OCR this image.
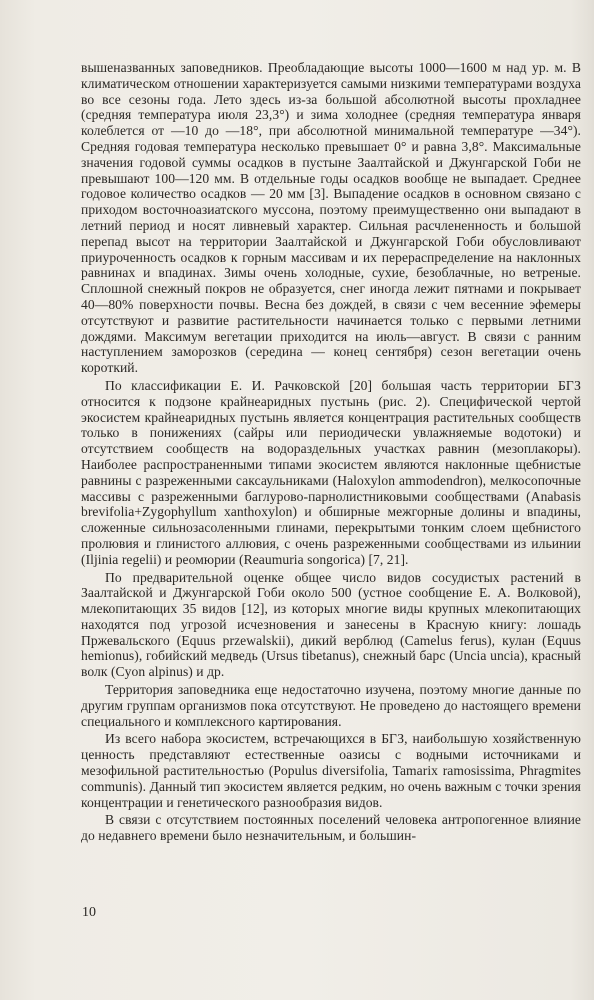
вышеназванных заповедников. Преобладающие высоты 1000—1600 м над ур. м. В климатическом отношении характеризуется самыми низкими температурами воздуха во все сезоны года. Лето здесь из-за большой абсолютной высоты прохладнее (средняя температура июля 23,3°) и зима холоднее (средняя температура января колеблется от —10 до —18°, при абсолютной минимальной температуре —34°). Средняя годовая температура несколько превышает 0° и равна 3,8°. Максимальные значения годовой суммы осадков в пустыне Заалтайской и Джунгарской Гоби не превышают 100—120 мм. В отдельные годы осадков вообще не выпадает. Среднее годовое количество осадков — 20 мм [3]. Выпадение осадков в основном связано с приходом восточноазиатского муссона, поэтому преимущественно они выпадают в летний период и носят ливневый характер. Сильная расчлененность и большой перепад высот на территории Заалтайской и Джунгарской Гоби обусловливают приуроченность осадков к горным массивам и их перераспределение на наклонных равнинах и впадинах. Зимы очень холодные, сухие, безоблачные, но ветреные. Сплошной снежный покров не образуется, снег иногда лежит пятнами и покрывает 40—80% поверхности почвы. Весна без дождей, в связи с чем весенние эфемеры отсутствуют и развитие растительности начинается только с первыми летними дождями. Максимум вегетации приходится на июль—август. В связи с ранним наступлением заморозков (середина — конец сентября) сезон вегетации очень короткий.

По классификации Е. И. Рачковской [20] большая часть территории БГЗ относится к подзоне крайнеаридных пустынь (рис. 2). Специфической чертой экосистем крайнеаридных пустынь является концентрация растительных сообществ только в понижениях (сайры или периодически увлажняемые водотоки) и отсутствием сообществ на водораздельных участках равнин (мезоплакоры). Наиболее распространенными типами экосистем являются наклонные щебнистые равнины с разреженными саксаульниками (Haloxylon ammodendron), мелкосопочные массивы с разреженными баглурово-парнолистниковыми сообществами (Anabasis brevifolia+Zygophyllum xanthoxylon) и обширные межгорные долины и впадины, сложенные сильнозасоленными глинами, перекрытыми тонким слоем щебнистого пролювия и глинистого аллювия, с очень разреженными сообществами из ильинии (Iljinia regelii) и реомюрии (Reaumuria songorica) [7, 21].

По предварительной оценке общее число видов сосудистых растений в Заалтайской и Джунгарской Гоби около 500 (устное сообщение Е. А. Волковой), млекопитающих 35 видов [12], из которых многие виды крупных млекопитающих находятся под угрозой исчезновения и занесены в Красную книгу: лошадь Пржевальского (Equus przewalskii), дикий верблюд (Camelus ferus), кулан (Equus hemionus), гобийский медведь (Ursus tibetanus), снежный барс (Uncia uncia), красный волк (Cyon alpinus) и др.

Территория заповедника еще недостаточно изучена, поэтому многие данные по другим группам организмов пока отсутствуют. Не проведено до настоящего времени специального и комплексного картирования.

Из всего набора экосистем, встречающихся в БГЗ, наибольшую хозяйственную ценность представляют естественные оазисы с водными источниками и мезофильной растительностью (Populus diversifolia, Tamarix ramosissima, Phragmites communis). Данный тип экосистем является редким, но очень важным с точки зрения концентрации и генетического разнообразия видов.

В связи с отсутствием постоянных поселений человека антропогенное влияние до недавнего времени было незначительным, и большин-

10
